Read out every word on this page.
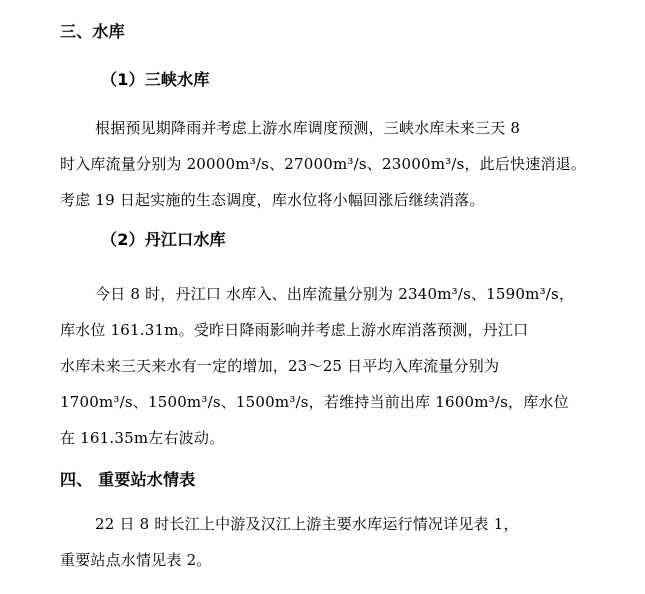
三、水库
（1）三峡水库
根据预见期降雨并考虑上游水库调度预测，三峡水库未来三天 8
时入库流量分别为 20000m³/s、27000m³/s、23000m³/s，此后快速消退。
考虑 19 日起实施的生态调度，库水位将小幅回涨后继续消落。
（2）丹江口水库
今日 8 时，丹江口 水库入、出库流量分别为 2340m³/s、1590m³/s，
库水位 161.31m。受昨日降雨影响并考虑上游水库消落预测，丹江口
水库未来三天来水有一定的增加，23～25 日平均入库流量分别为
1700m³/s、1500m³/s、1500m³/s，若维持当前出库 1600m³/s，库水位
在 161.35m左右波动。
四、 重要站水情表
22 日 8 时长江上中游及汉江上游主要水库运行情况详见表 1，
重要站点水情见表 2。
